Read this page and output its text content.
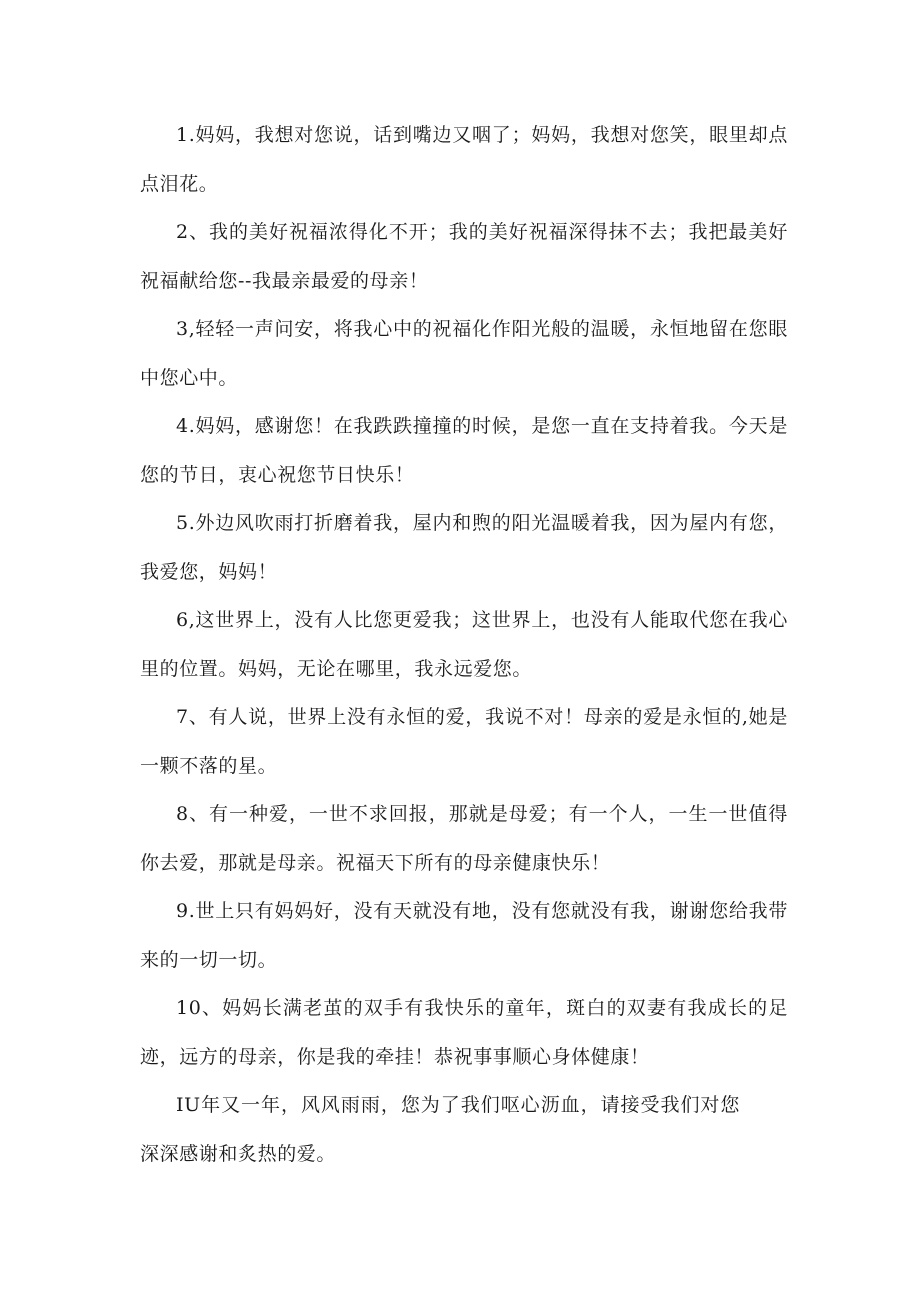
1.妈妈，我想对您说，话到嘴边又咽了；妈妈，我想对您笑，眼里却点点泪花。

2、我的美好祝福浓得化不开；我的美好祝福深得抹不去；我把最美好祝福献给您--我最亲最爱的母亲！

3,轻轻一声问安，将我心中的祝福化作阳光般的温暖，永恒地留在您眼中您心中。

4.妈妈，感谢您！在我跌跌撞撞的时候，是您一直在支持着我。今天是您的节日，衷心祝您节日快乐！

5.外边风吹雨打折磨着我，屋内和煦的阳光温暖着我，因为屋内有您，我爱您，妈妈！

6,这世界上，没有人比您更爱我；这世界上，也没有人能取代您在我心里的位置。妈妈，无论在哪里，我永远爱您。

7、有人说，世界上没有永恒的爱，我说不对！母亲的爱是永恒的,她是一颗不落的星。

8、有一种爱，一世不求回报，那就是母爱；有一个人，一生一世值得你去爱，那就是母亲。祝福天下所有的母亲健康快乐！

9.世上只有妈妈好，没有天就没有地，没有您就没有我，谢谢您给我带来的一切一切。

10、妈妈长满老茧的双手有我快乐的童年，斑白的双妻有我成长的足迹，远方的母亲，你是我的牵挂！恭祝事事顺心身体健康！

IU年又一年，风风雨雨，您为了我们呕心沥血，请接受我们对您深深感谢和炙热的爱。
